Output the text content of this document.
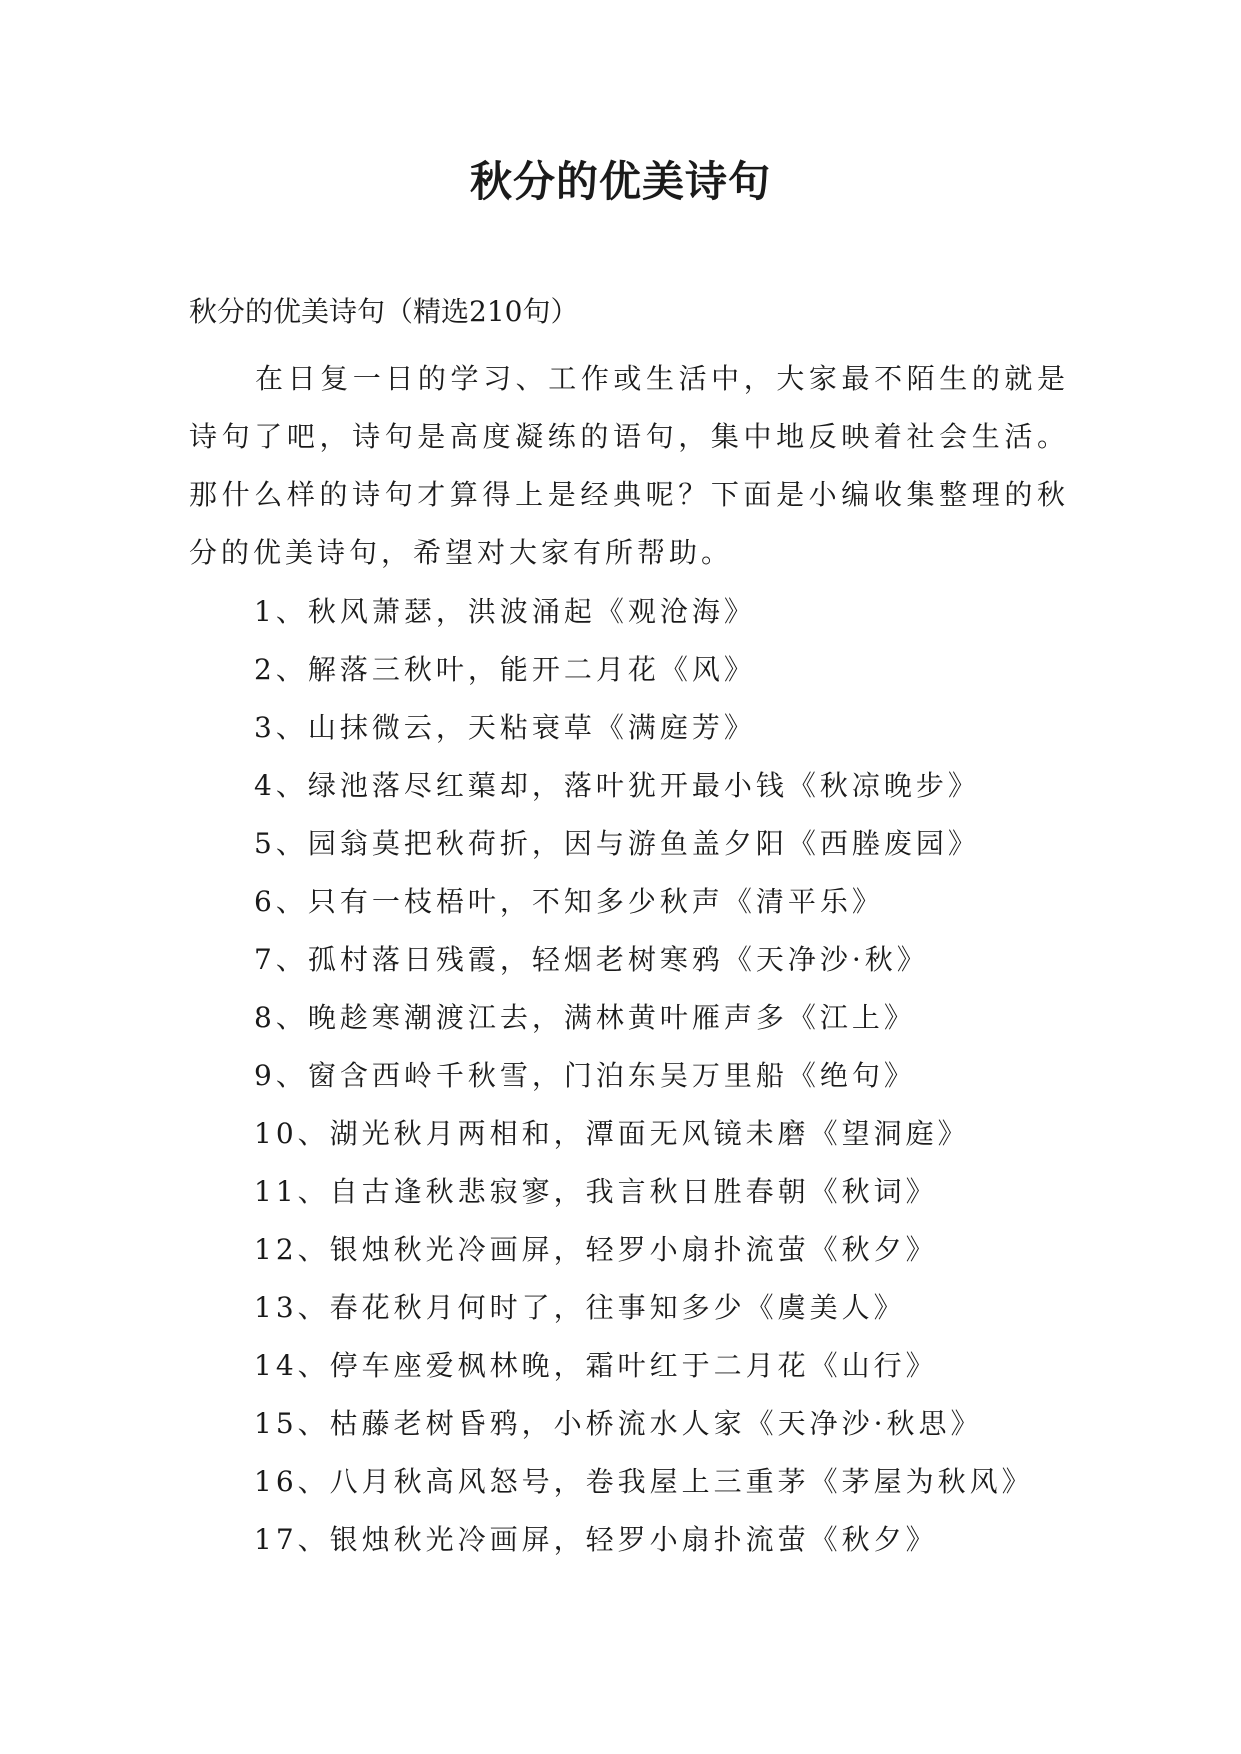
秋分的优美诗句

秋分的优美诗句（精选210句）

在日复一日的学习、工作或生活中，大家最不陌生的就是诗句了吧，诗句是高度凝练的语句，集中地反映着社会生活。那什么样的诗句才算得上是经典呢？下面是小编收集整理的秋分的优美诗句，希望对大家有所帮助。

1、秋风萧瑟，洪波涌起《观沧海》
2、解落三秋叶，能开二月花《风》
3、山抹微云，天粘衰草《满庭芳》
4、绿池落尽红蕖却，落叶犹开最小钱《秋凉晚步》
5、园翁莫把秋荷折，因与游鱼盖夕阳《西塍废园》
6、只有一枝梧叶，不知多少秋声《清平乐》
7、孤村落日残霞，轻烟老树寒鸦《天净沙·秋》
8、晚趁寒潮渡江去，满林黄叶雁声多《江上》
9、窗含西岭千秋雪，门泊东吴万里船《绝句》
10、湖光秋月两相和，潭面无风镜未磨《望洞庭》
11、自古逢秋悲寂寥，我言秋日胜春朝《秋词》
12、银烛秋光冷画屏，轻罗小扇扑流萤《秋夕》
13、春花秋月何时了，往事知多少《虞美人》
14、停车座爱枫林晚，霜叶红于二月花《山行》
15、枯藤老树昏鸦，小桥流水人家《天净沙·秋思》
16、八月秋高风怒号，卷我屋上三重茅《茅屋为秋风》
17、银烛秋光冷画屏，轻罗小扇扑流萤《秋夕》
